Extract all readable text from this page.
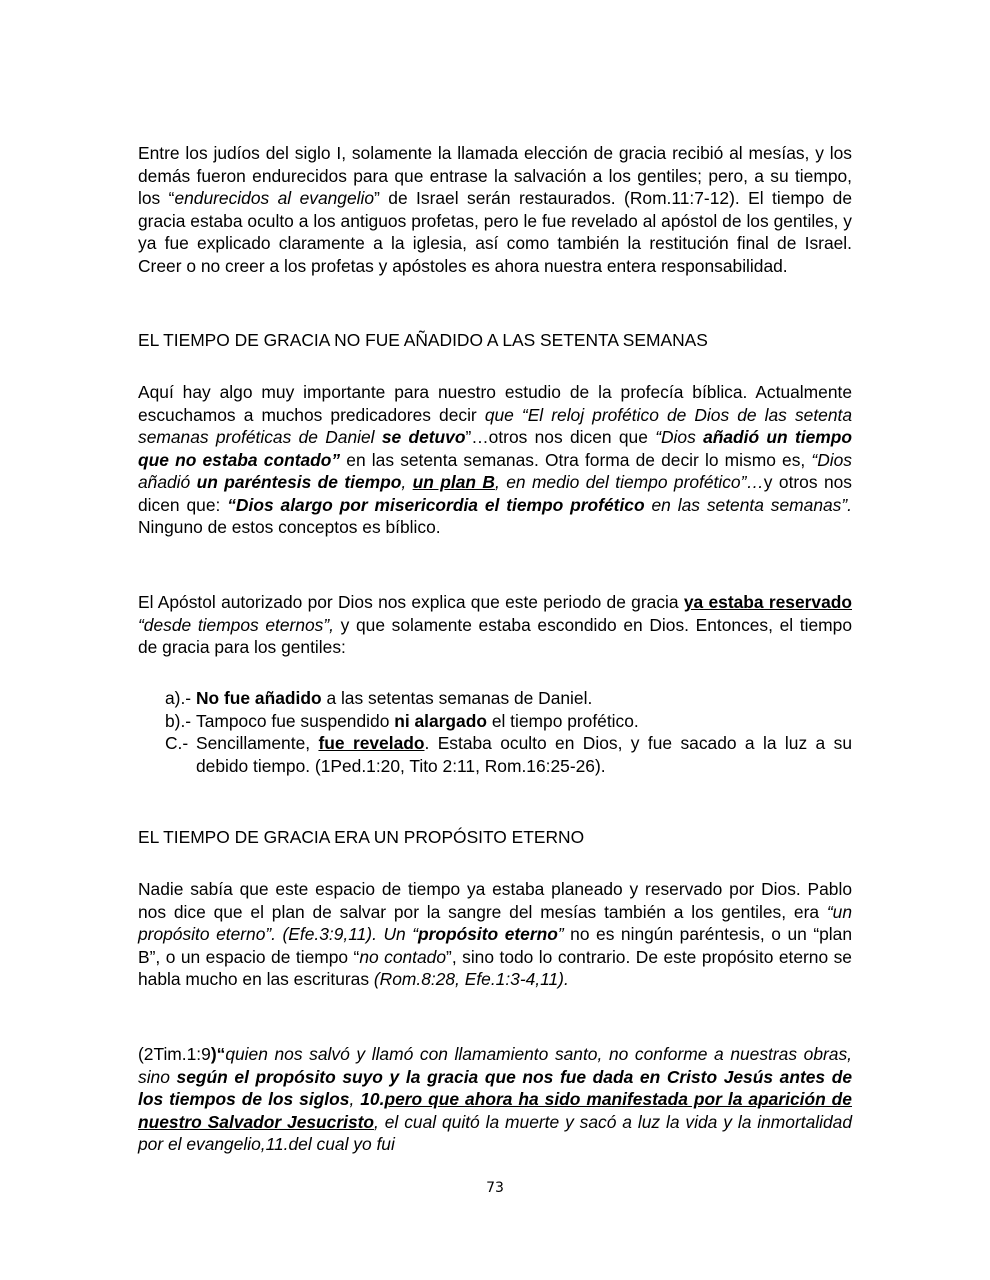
Entre los judíos del siglo I, solamente la llamada elección de gracia recibió al mesías, y los demás fueron endurecidos para que entrase la salvación a los gentiles; pero, a su tiempo, los “endurecidos al evangelio” de Israel serán restaurados. (Rom.11:7-12). El tiempo de gracia estaba oculto a los antiguos profetas, pero le fue revelado al apóstol de los gentiles, y ya fue explicado claramente a la iglesia, así como también la restitución final de Israel. Creer o no creer a los profetas y apóstoles es ahora nuestra entera responsabilidad.

EL TIEMPO DE GRACIA NO FUE AÑADIDO A LAS SETENTA SEMANAS

Aquí hay algo muy importante para nuestro estudio de la profecía bíblica. Actualmente escuchamos a muchos predicadores decir que “El reloj profético de Dios de las setenta semanas proféticas de Daniel se detuvo”…otros nos dicen que “Dios añadió un tiempo que no estaba contado” en las setenta semanas. Otra forma de decir lo mismo es, “Dios añadió un paréntesis de tiempo, un plan B, en medio del tiempo profético”…y otros nos dicen que: “Dios alargo por misericordia el tiempo profético en las setenta semanas”. Ninguno de estos conceptos es bíblico.

El Apóstol autorizado por Dios nos explica que este periodo de gracia ya estaba reservado “desde tiempos eternos”, y que solamente estaba escondido en Dios. Entonces, el tiempo de gracia para los gentiles:

a).- No fue añadido a las setentas semanas de Daniel.
b).- Tampoco fue suspendido ni alargado el tiempo profético.
C.- Sencillamente, fue revelado. Estaba oculto en Dios, y fue sacado a la luz a su debido tiempo. (1Ped.1:20, Tito 2:11, Rom.16:25-26).

EL TIEMPO DE GRACIA ERA UN PROPÓSITO ETERNO

Nadie sabía que este espacio de tiempo ya estaba planeado y reservado por Dios. Pablo nos dice que el plan de salvar por la sangre del mesías también a los gentiles, era “un propósito eterno”. (Efe.3:9,11). Un “propósito eterno” no es ningún paréntesis, o un “plan B”, o un espacio de tiempo “no contado”, sino todo lo contrario. De este propósito eterno se habla mucho en las escrituras (Rom.8:28, Efe.1:3-4,11).

(2Tim.1:9)“quien nos salvó y llamó con llamamiento santo, no conforme a nuestras obras, sino según el propósito suyo y la gracia que nos fue dada en Cristo Jesús antes de los tiempos de los siglos, 10.pero que ahora ha sido manifestada por la aparición de nuestro Salvador Jesucristo, el cual quitó la muerte y sacó a luz la vida y la inmortalidad por el evangelio,11.del cual yo fui

73
